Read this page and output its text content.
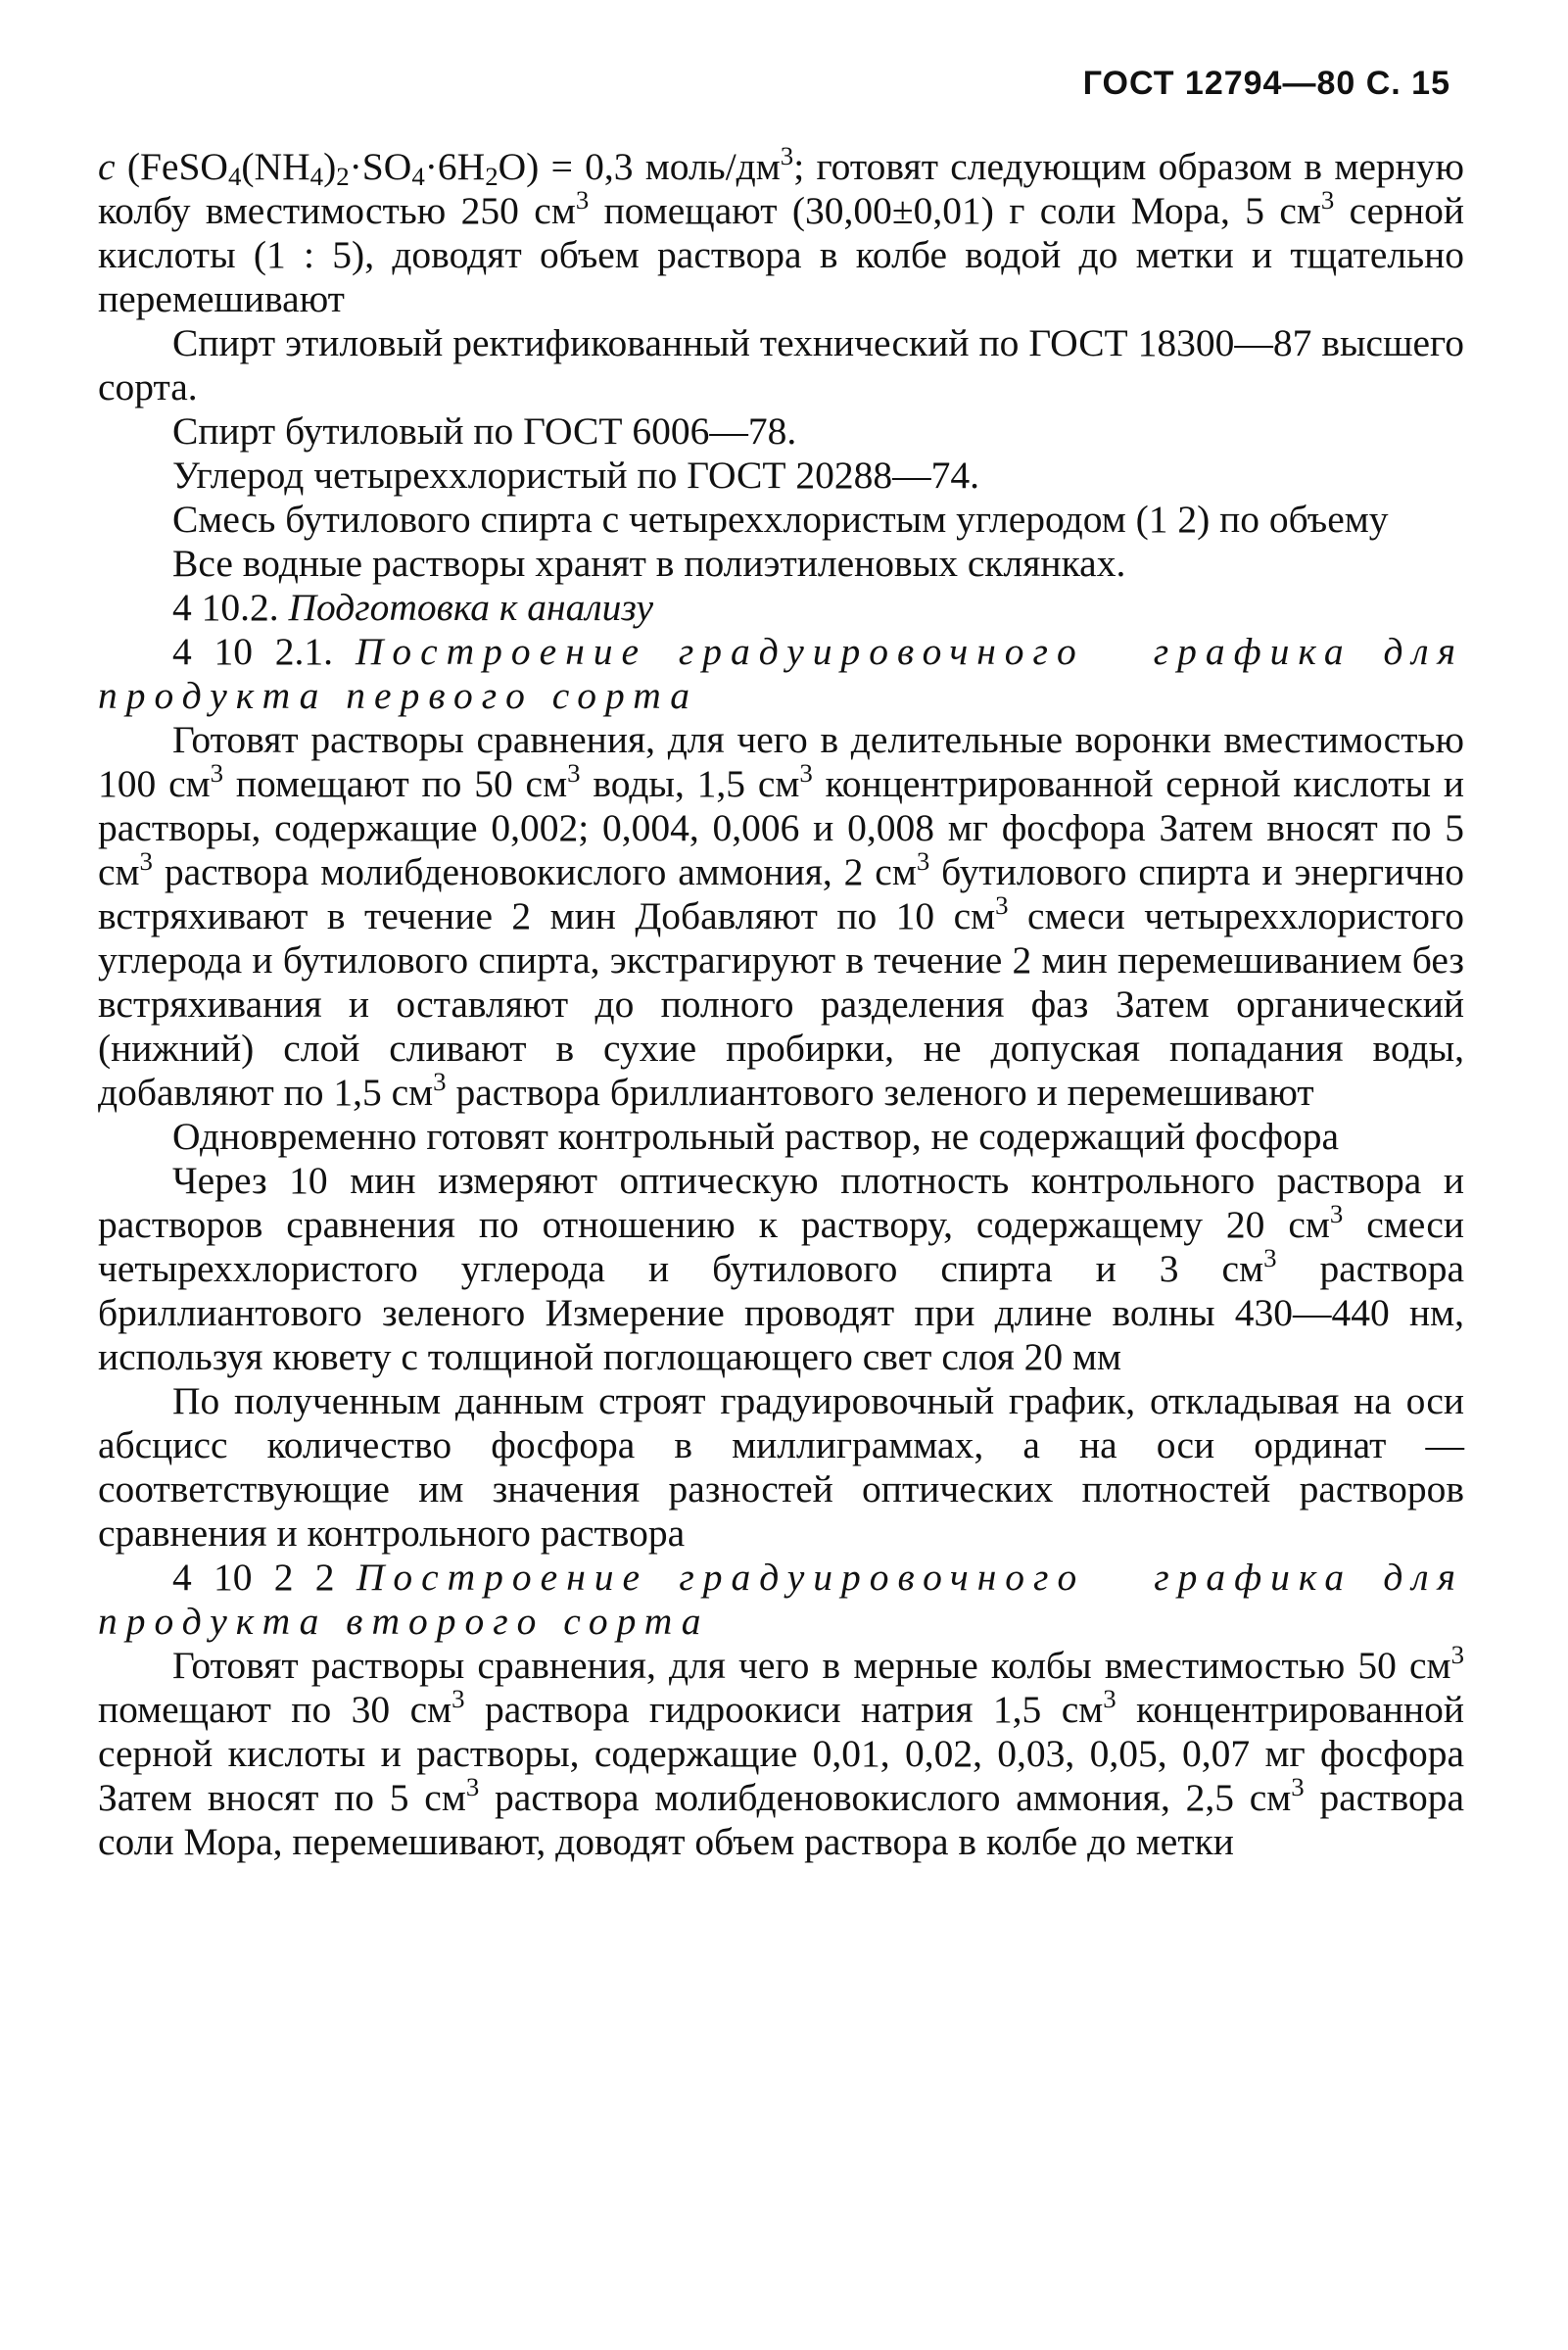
ГОСТ 12794—80 С. 15

с $(FeSO_4(NH_4)_2\cdot SO_4\cdot 6H_2O) = 0,3$ моль/$дм^3$; готовят следующим образом в мерную колбу вместимостью 250 $см^3$ помещают (30,00±0,01) г соли Мора, 5 $см^3$ серной кислоты (1 : 5), доводят объем раствора в колбе водой до метки и тщательно перемешивают

Спирт этиловый ректификованный технический по ГОСТ 18300—87 высшего сорта.

Спирт бутиловый по ГОСТ 6006—78.

Углерод четыреххлористый по ГОСТ 20288—74.

Смесь бутилового спирта с четыреххлористым углеродом (1 2) по объему

Все водные растворы хранят в полиэтиленовых склянках.

4 10.2. Подготовка к анализу

4 10 2.1. Построение градуировочного графика для продукта первого сорта

Готовят растворы сравнения, для чего в делительные воронки вместимостью 100 $см^3$ помещают по 50 $см^3$ воды, 1,5 $см^3$ концентрированной серной кислоты и растворы, содержащие 0,002; 0,004, 0,006 и 0,008 мг фосфора Затем вносят по 5 $см^3$ раствора молибденовокислого аммония, 2 $см^3$ бутилового спирта и энергично встряхивают в течение 2 мин Добавляют по 10 $см^3$ смеси четыреххлористого углерода и бутилового спирта, экстрагируют в течение 2 мин перемешиванием без встряхивания и оставляют до полного разделения фаз Затем органический (нижний) слой сливают в сухие пробирки, не допуская попадания воды, добавляют по 1,5 $см^3$ раствора бриллиантового зеленого и перемешивают

Одновременно готовят контрольный раствор, не содержащий фосфора

Через 10 мин измеряют оптическую плотность контрольного раствора и растворов сравнения по отношению к раствору, содержащему 20 $см^3$ смеси четыреххлористого углерода и бутилового спирта и 3 $см^3$ раствора бриллиантового зеленого Измерение проводят при длине волны 430—440 нм, используя кювету с толщиной поглощающего свет слоя 20 мм

По полученным данным строят градуировочный график, откладывая на оси абсцисс количество фосфора в миллиграммах, а на оси ординат — соответствующие им значения разностей оптических плотностей растворов сравнения и контрольного раствора

4 10 2 2 Построение градуировочного графика для продукта второго сорта

Готовят растворы сравнения, для чего в мерные колбы вместимостью 50 $см^3$ помещают по 30 $см^3$ раствора гидроокиси натрия 1,5 $см^3$ концентрированной серной кислоты и растворы, содержащие 0,01, 0,02, 0,03, 0,05, 0,07 мг фосфора Затем вносят по 5 $см^3$ раствора молибденовокислого аммония, 2,5 $см^3$ раствора соли Мора, перемешивают, доводят объем раствора в колбе до метки
